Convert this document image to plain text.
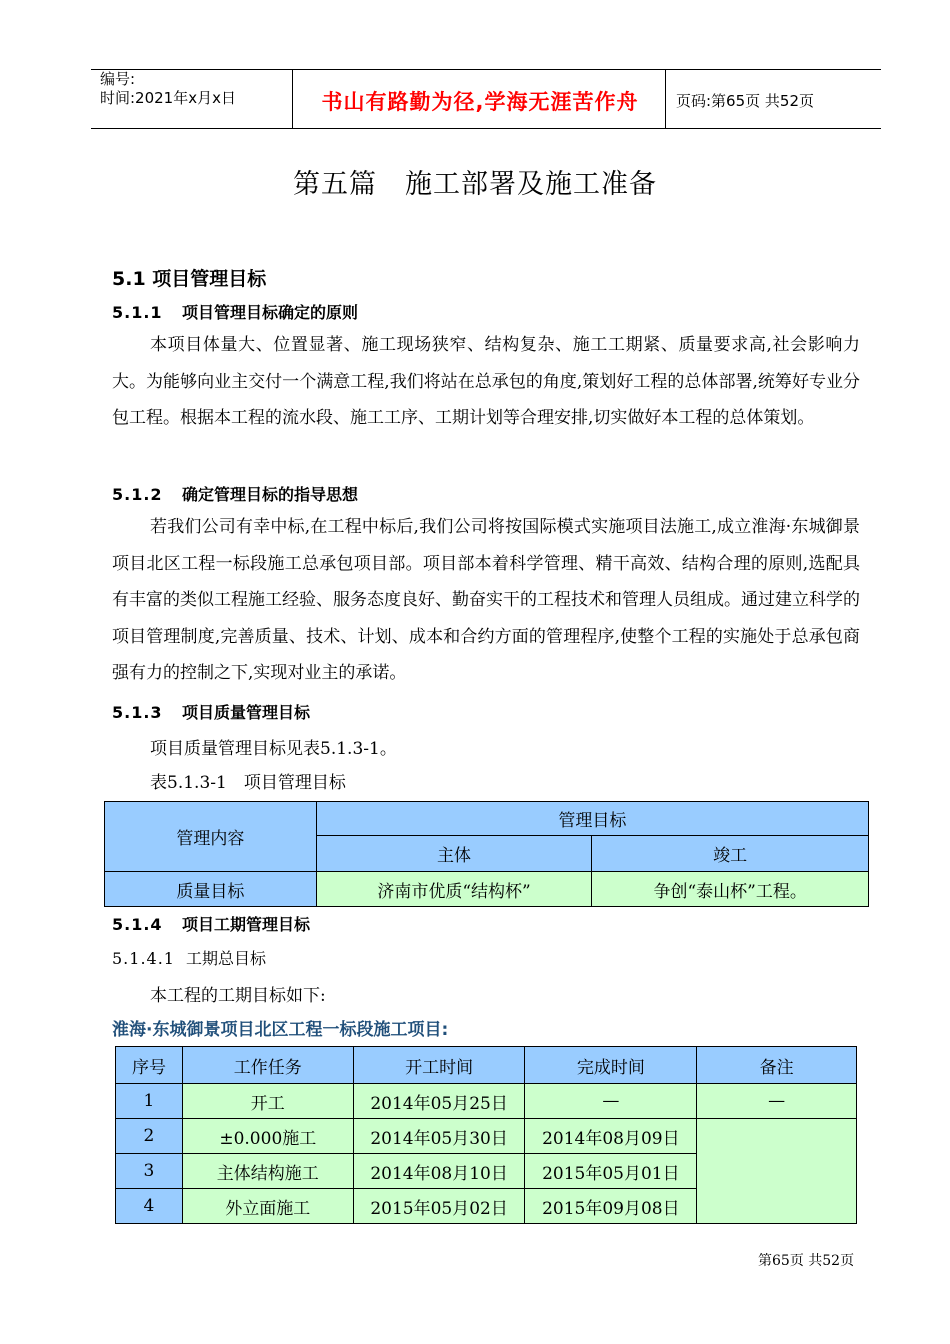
编号:
时间:2021年x月x日	书山有路勤为径,学海无涯苦作舟	页码:第65页 共52页
第五篇　施工部署及施工准备
5.1 项目管理目标
5.1.1 项目管理目标确定的原则
本项目体量大、位置显著、施工现场狭窄、结构复杂、施工工期紧、质量要求高,社会影响力大。为能够向业主交付一个满意工程,我们将站在总承包的角度,策划好工程的总体部署,统筹好专业分包工程。根据本工程的流水段、施工工序、工期计划等合理安排,切实做好本工程的总体策划。
5.1.2 确定管理目标的指导思想
若我们公司有幸中标,在工程中标后,我们公司将按国际模式实施项目法施工,成立淮海·东城御景项目北区工程一标段施工总承包项目部。项目部本着科学管理、精干高效、结构合理的原则,选配具有丰富的类似工程施工经验、服务态度良好、勤奋实干的工程技术和管理人员组成。通过建立科学的项目管理制度,完善质量、技术、计划、成本和合约方面的管理程序,使整个工程的实施处于总承包商强有力的控制之下,实现对业主的承诺。
5.1.3 项目质量管理目标
项目质量管理目标见表5.1.3-1。
表5.1.3-1　项目管理目标
管理内容	管理目标	
	主体	竣工
质量目标	济南市优质“结构杯”	争创“泰山杯”工程。
5.1.4 项目工期管理目标
5.1.4.1 工期总目标
本工程的工期目标如下:
淮海·东城御景项目北区工程一标段施工项目:
序号	工作任务	开工时间	完成时间	备注
1	开工	2014年05月25日	—	—
2	±0.000施工	2014年05月30日	2014年08月09日	
3	主体结构施工	2014年08月10日	2015年05月01日	
4	外立面施工	2015年05月02日	2015年09月08日	
第65页 共52页
